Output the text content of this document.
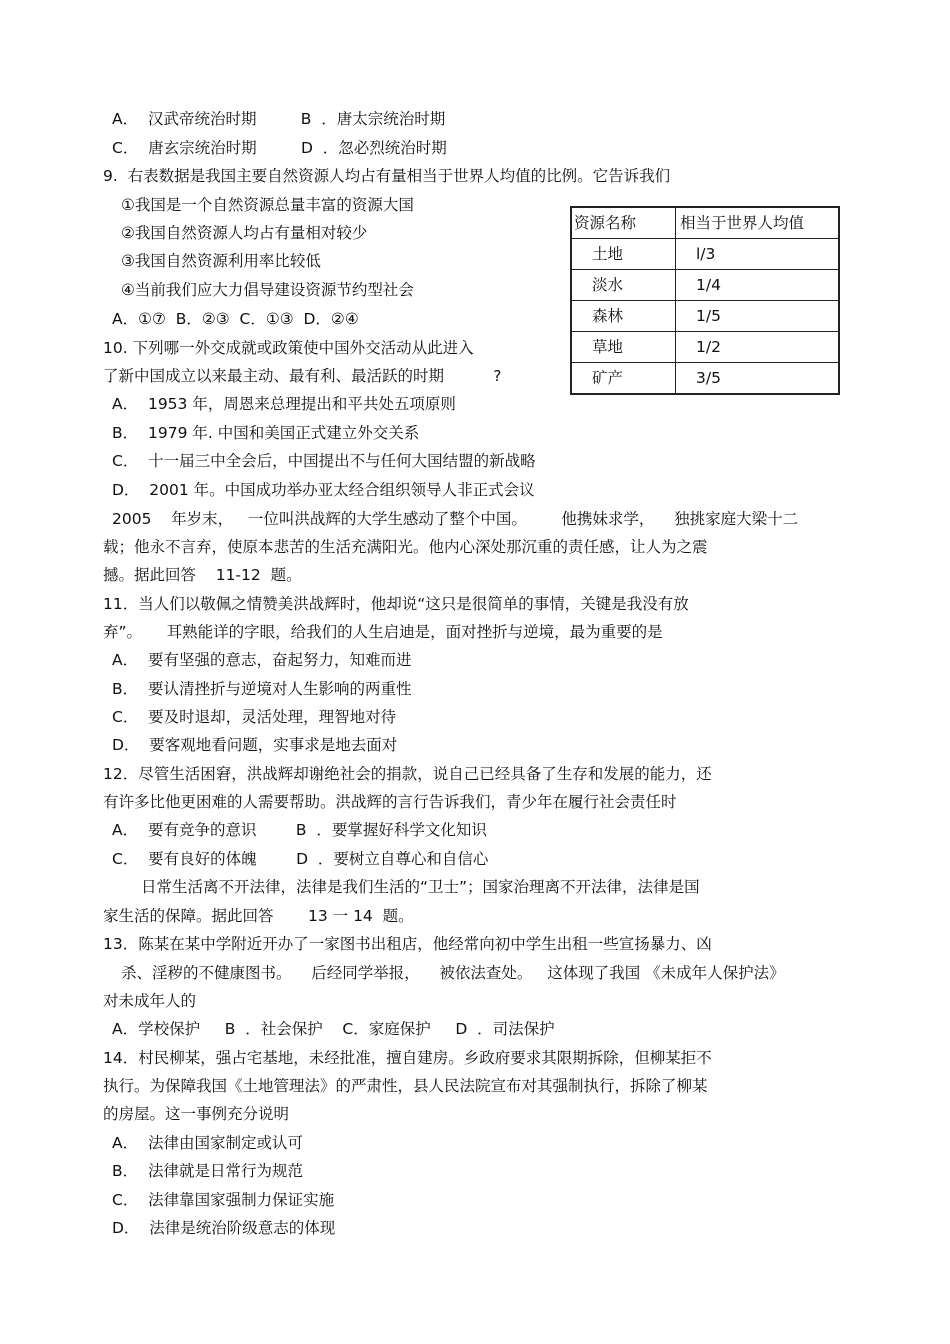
A．  汉武帝统治时期         B  ．唐太宗统治时期
C．  唐玄宗统治时期         D  ．忽必烈统治时期
9.  右表数据是我国主要自然资源人均占有量相当于世界人均值的比例。它告诉我们
①我国是一个自然资源总量丰富的资源大国
②我国自然资源人均占有量相对较少
③我国自然资源利用率比较低
④当前我们应大力倡导建设资源节约型社会
A．①⑦  B．②③  C．①③  D．②④
10. 下列哪一外交成就或政策使中国外交活动从此进入
了新中国成立以来最主动、最有利、最活跃的时期          ?
A．  1953 年，周恩来总理提出和平共处五项原则
B．  1979 年. 中国和美国正式建立外交关系
C．  十一届三中全会后，中国提出不与任何大国结盟的新战略
D．  2001 年。中国成功举办亚太经合组织领导人非正式会议
2005    年岁末，   一位叫洪战辉的大学生感动了整个中国。       他携妹求学，    独挑家庭大梁十二
载；他永不言弃，使原本悲苦的生活充满阳光。他内心深处那沉重的责任感，让人为之震
撼。据此回答    11-12  题。
11．当人们以敬佩之情赞美洪战辉时，他却说“这只是很简单的事情，关键是我没有放
弃”。     耳熟能详的字眼，给我们的人生启迪是，面对挫折与逆境，最为重要的是
A．  要有坚强的意志，奋起努力，知难而进
B．  要认清挫折与逆境对人生影响的两重性
C．  要及时退却，灵活处理，理智地对待
D．  要客观地看问题，实事求是地去面对
12．尽管生活困窘，洪战辉却谢绝社会的捐款，说自己已经具备了生存和发展的能力，还
有许多比他更困难的人需要帮助。洪战辉的言行告诉我们，青少年在履行社会责任时
A．  要有竞争的意识        B  ．要掌握好科学文化知识
C．  要有良好的体魄        D  ．要树立自尊心和自信心
日常生活离不开法律，法律是我们生活的“卫士”；国家治理离不开法律，法律是国
家生活的保障。据此回答       13 一 14  题。
13．陈某在某中学附近开办了一家图书出租店，他经常向初中学生出租一些宣扬暴力、凶
杀、淫秽的不健康图书。    后经同学举报，    被依法查处。   这体现了我国 《未成年人保护法》
对未成年人的
A．学校保护     B  ．社会保护    C．家庭保护     D  ．司法保护
14．村民柳某，强占宅基地，未经批准，擅自建房。乡政府要求其限期拆除，但柳某拒不
执行。为保障我国《土地管理法》的严肃性，县人民法院宣布对其强制执行，拆除了柳某
的房屋。这一事例充分说明
A．  法律由国家制定或认可
B．  法律就是日常行为规范
C．  法律靠国家强制力保证实施
D．  法律是统治阶级意志的体现
资源名称	相当于世界人均值
土地	l/3
淡水	1/4
森林	1/5
草地	1/2
矿产	3/5
